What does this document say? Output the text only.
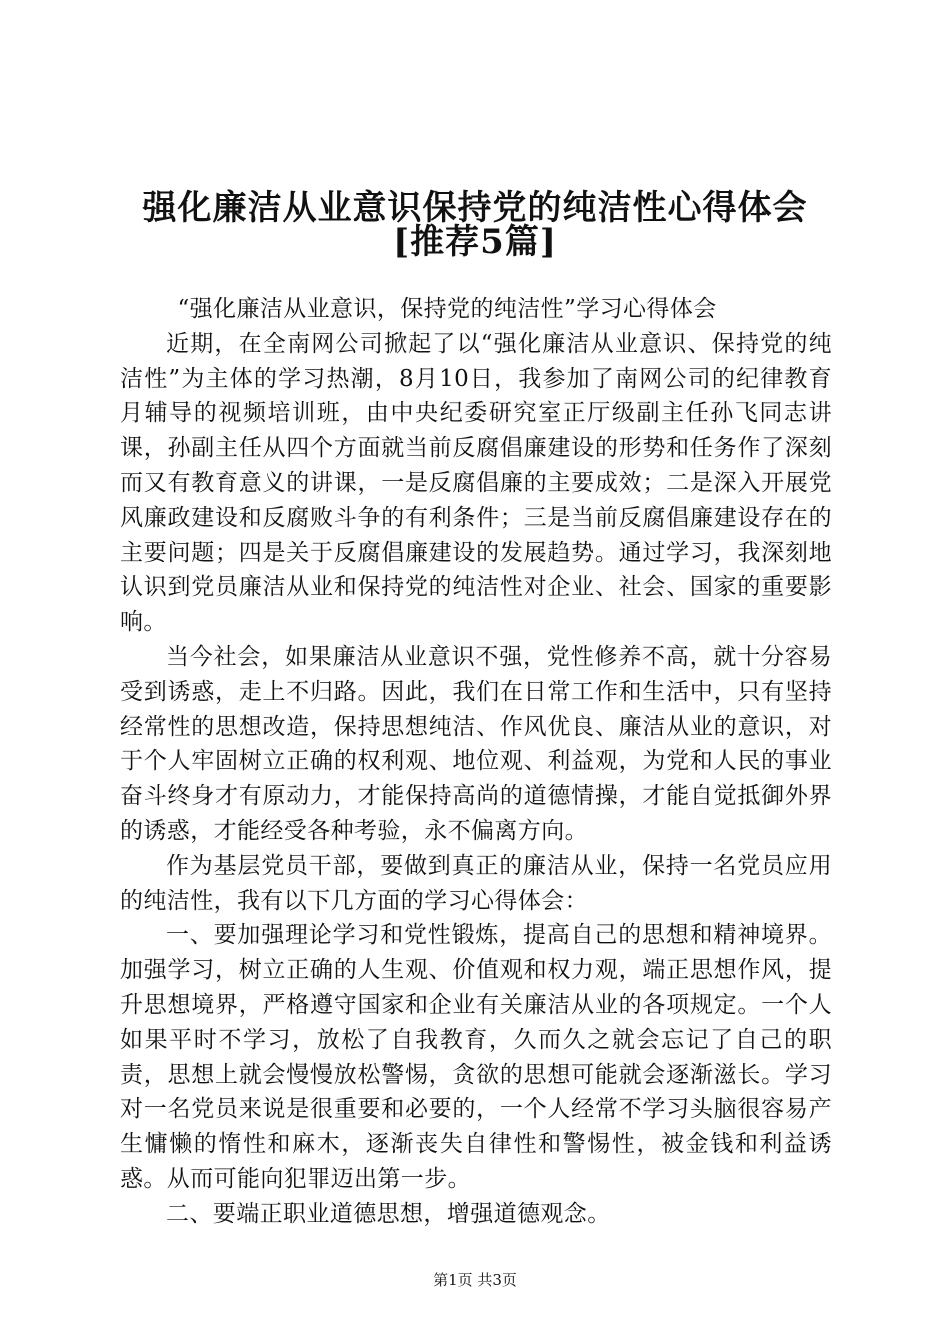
强化廉洁从业意识保持党的纯洁性心得体会
[推荐5篇]

“强化廉洁从业意识，保持党的纯洁性”学习心得体会

近期，在全南网公司掀起了以“强化廉洁从业意识、保持党的纯洁性”为主体的学习热潮，8月10日，我参加了南网公司的纪律教育月辅导的视频培训班，由中央纪委研究室正厅级副主任孙飞同志讲课，孙副主任从四个方面就当前反腐倡廉建设的形势和任务作了深刻而又有教育意义的讲课，一是反腐倡廉的主要成效；二是深入开展党风廉政建设和反腐败斗争的有利条件；三是当前反腐倡廉建设存在的主要问题；四是关于反腐倡廉建设的发展趋势。通过学习，我深刻地认识到党员廉洁从业和保持党的纯洁性对企业、社会、国家的重要影响。

当今社会，如果廉洁从业意识不强，党性修养不高，就十分容易受到诱惑，走上不归路。因此，我们在日常工作和生活中，只有坚持经常性的思想改造，保持思想纯洁、作风优良、廉洁从业的意识，对于个人牢固树立正确的权利观、地位观、利益观，为党和人民的事业奋斗终身才有原动力，才能保持高尚的道德情操，才能自觉抵御外界的诱惑，才能经受各种考验，永不偏离方向。

作为基层党员干部，要做到真正的廉洁从业，保持一名党员应用的纯洁性，我有以下几方面的学习心得体会：

一、要加强理论学习和党性锻炼，提高自己的思想和精神境界。加强学习，树立正确的人生观、价值观和权力观，端正思想作风，提升思想境界，严格遵守国家和企业有关廉洁从业的各项规定。一个人如果平时不学习，放松了自我教育，久而久之就会忘记了自己的职责，思想上就会慢慢放松警惕，贪欲的思想可能就会逐渐滋长。学习对一名党员来说是很重要和必要的，一个人经常不学习头脑很容易产生慵懒的惰性和麻木，逐渐丧失自律性和警惕性，被金钱和利益诱惑。从而可能向犯罪迈出第一步。

二、要端正职业道德思想，增强道德观念。

第1页 共3页
